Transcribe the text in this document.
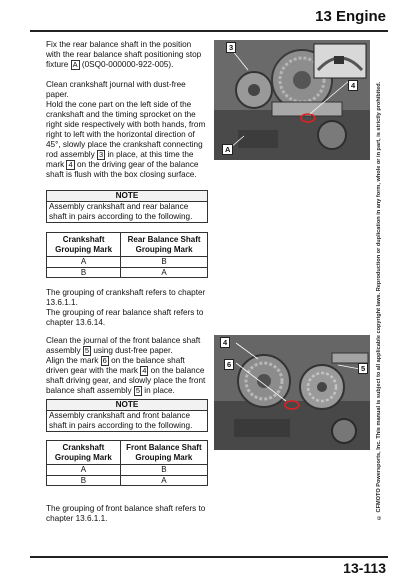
13 Engine
© CFMOTO Powersports, Inc. This manual is subject to all applicable copyright laws. Reproduction or duplication in any form, whole or in part, is strictly prohibited.

Fix the rear balance shaft in the position with the rear balance shaft positioning stop fixture A (0SQ0-000000-922-005).

Clean crankshaft journal with dust-free paper.

Hold the cone part on the left side of the crankshaft and the timing sprocket on the right side respectively with both hands, from right to left with the horizontal direction of 45°, slowly place the crankshaft connecting rod assembly 3 in place, at this time the mark 4 on the driving gear of the balance shaft is flush with the box closing surface.

NOTE
Assembly crankshaft and rear balance shaft in pairs according to the following.
Crankshaft Grouping Mark	Rear Balance Shaft Grouping Mark
A	B
B	A

The grouping of crankshaft refers to chapter 13.6.1.1.

The grouping of rear balance shaft refers to chapter 13.6.14.

Clean the journal of the front balance shaft assembly 5 using dust-free paper.

Align the mark 6 on the balance shaft driven gear with the mark 4 on the balance shaft driving gear, and slowly place the front balance shaft assembly 5 in place.

NOTE
Assembly crankshaft and front balance shaft in pairs according to the following.
Crankshaft Grouping Mark	Front Balance Shaft Grouping Mark
A	B
B	A

The grouping of front balance shaft refers to chapter 13.6.1.1.

3
4
A
4
6	5
13-113
